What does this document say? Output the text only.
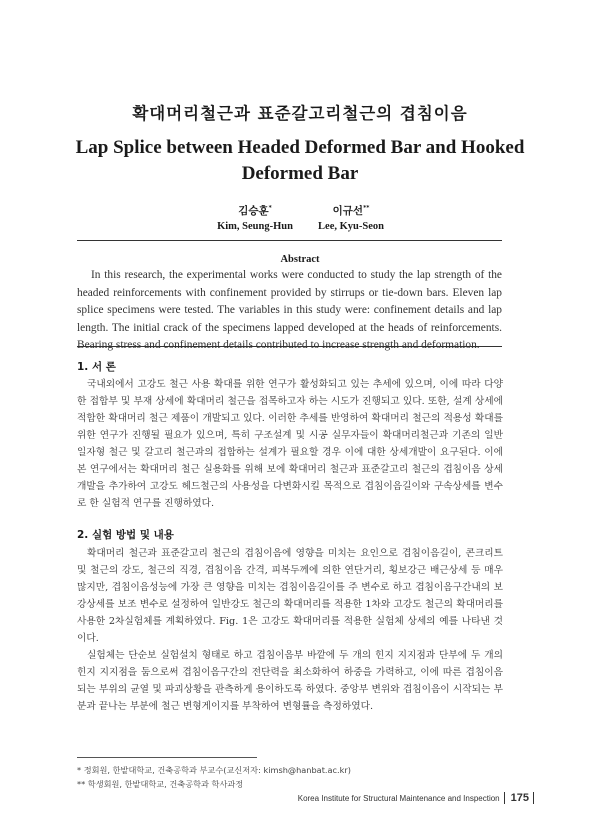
확대머리철근과 표준갈고리철근의 겹침이음
Lap Splice between Headed Deformed Bar and Hooked Deformed Bar
김승훈*
Kim, Seung-Hun
이규선**
Lee, Kyu-Seon
Abstract

In this research, the experimental works were conducted to study the lap strength of the headed reinforcements with confinement provided by stirrups or tie-down bars. Eleven lap splice specimens were tested. The variables in this study were: confinement details and lap length. The initial crack of the specimens lapped developed at the heads of reinforcements. Bearing stress and confinement details contributed to increase strength and deformation.

1. 서 론

국내외에서 고강도 철근 사용 확대를 위한 연구가 활성화되고 있는 추세에 있으며, 이에 따라 다양한 접합부 및 부재 상세에 확대머리 철근을 접목하고자 하는 시도가 진행되고 있다. 또한, 설계 상세에 적합한 확대머리 철근 제품이 개발되고 있다. 이러한 추세를 반영하여 확대머리 철근의 적용성 확대를 위한 연구가 진행될 필요가 있으며, 특히 구조설계 및 시공 실무자들이 확대머리철근과 기존의 일반 일자형 철근 및 갈고리 철근과의 접합하는 설계가 필요할 경우 이에 대한 상세개발이 요구된다. 이에 본 연구에서는 확대머리 철근 실용화를 위해 보에 확대머리 철근과 표준갈고리 철근의 겹침이음 상세 개발을 추가하여 고강도 헤드철근의 사용성을 다변화시킬 목적으로 겹침이음길이와 구속상세를 변수로 한 실험적 연구를 진행하였다.

2. 실험 방법 및 내용

확대머리 철근과 표준갈고리 철근의 겹침이음에 영향을 미치는 요인으로 겹침이음길이, 콘크리트 및 철근의 강도, 철근의 직경, 겹침이음 간격, 피복두께에 의한 연단거리, 횡보강근 배근상세 등 매우 많지만, 겹침이음성능에 가장 큰 영향을 미치는 겹침이음길이를 주 변수로 하고 겹침이음구간내의 보강상세를 보조 변수로 설정하여 일반강도 철근의 확대머리를 적용한 1차와 고강도 철근의 확대머리를 사용한 2차실험체를 계획하였다. Fig. 1은 고강도 확대머리를 적용한 실험체 상세의 예를 나타낸 것이다.

실험체는 단순보 실험설치 형태로 하고 겹침이음부 바깥에 두 개의 힌지 지지점과 단부에 두 개의 힌지 지지점을 둠으로써 겹침이음구간의 전단력을 최소화하여 하중을 가력하고, 이에 따른 겹침이음되는 부위의 균열 및 파괴상황을 관측하게 용이하도록 하였다. 중앙부 변위와 겹침이음이 시작되는 부분과 끝나는 부분에 철근 변형게이지를 부착하여 변형률을 측정하였다.

* 정회원, 한밭대학교, 건축공학과 부교수(교신저자: kimsh@hanbat.ac.kr)
** 학생회원, 한밭대학교, 건축공학과 학사과정
Korea Institute for Structural Maintenance and Inspection 175
